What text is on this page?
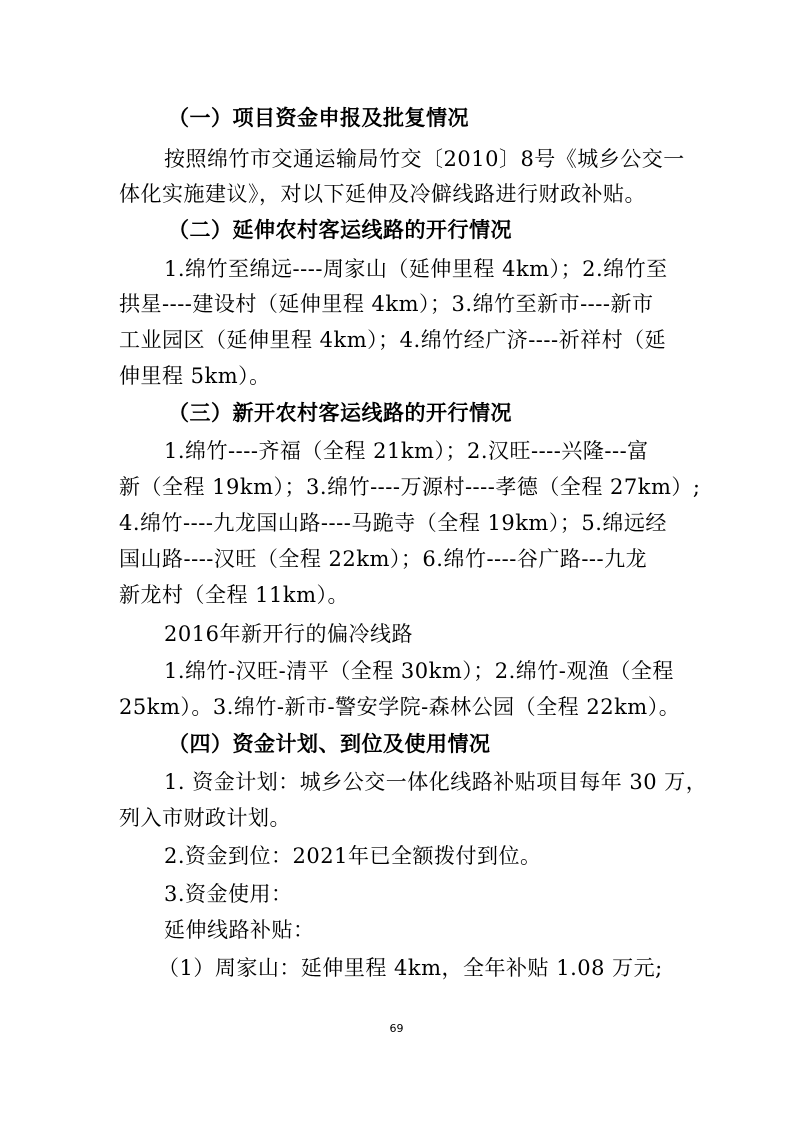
（一）项目资金申报及批复情况
按照绵竹市交通运输局竹交〔2010〕8号《城乡公交一
体化实施建议》，对以下延伸及冷僻线路进行财政补贴。
（二）延伸农村客运线路的开行情况
1.绵竹至绵远----周家山（延伸里程 4km）；2.绵竹至
拱星----建设村（延伸里程 4km）；3.绵竹至新市----新市
工业园区（延伸里程 4km）；4.绵竹经广济----祈祥村（延
伸里程 5km）。
（三）新开农村客运线路的开行情况
1.绵竹----齐福（全程 21km）；2.汉旺----兴隆---富
新（全程 19km）；3.绵竹----万源村----孝德（全程 27km）;
4.绵竹----九龙国山路----马跪寺（全程 19km）；5.绵远经
国山路----汉旺（全程 22km）；6.绵竹----谷广路---九龙
新龙村（全程 11km）。
2016年新开行的偏冷线路
1.绵竹-汉旺-清平（全程 30km）；2.绵竹-观渔（全程
25km）。3.绵竹-新市-警安学院-森林公园（全程 22km）。
（四）资金计划、到位及使用情况
1. 资金计划：城乡公交一体化线路补贴项目每年 30 万，
列入市财政计划。
2.资金到位：2021年已全额拨付到位。
3.资金使用：
延伸线路补贴：
（1）周家山：延伸里程 4km，全年补贴 1.08 万元;
69
